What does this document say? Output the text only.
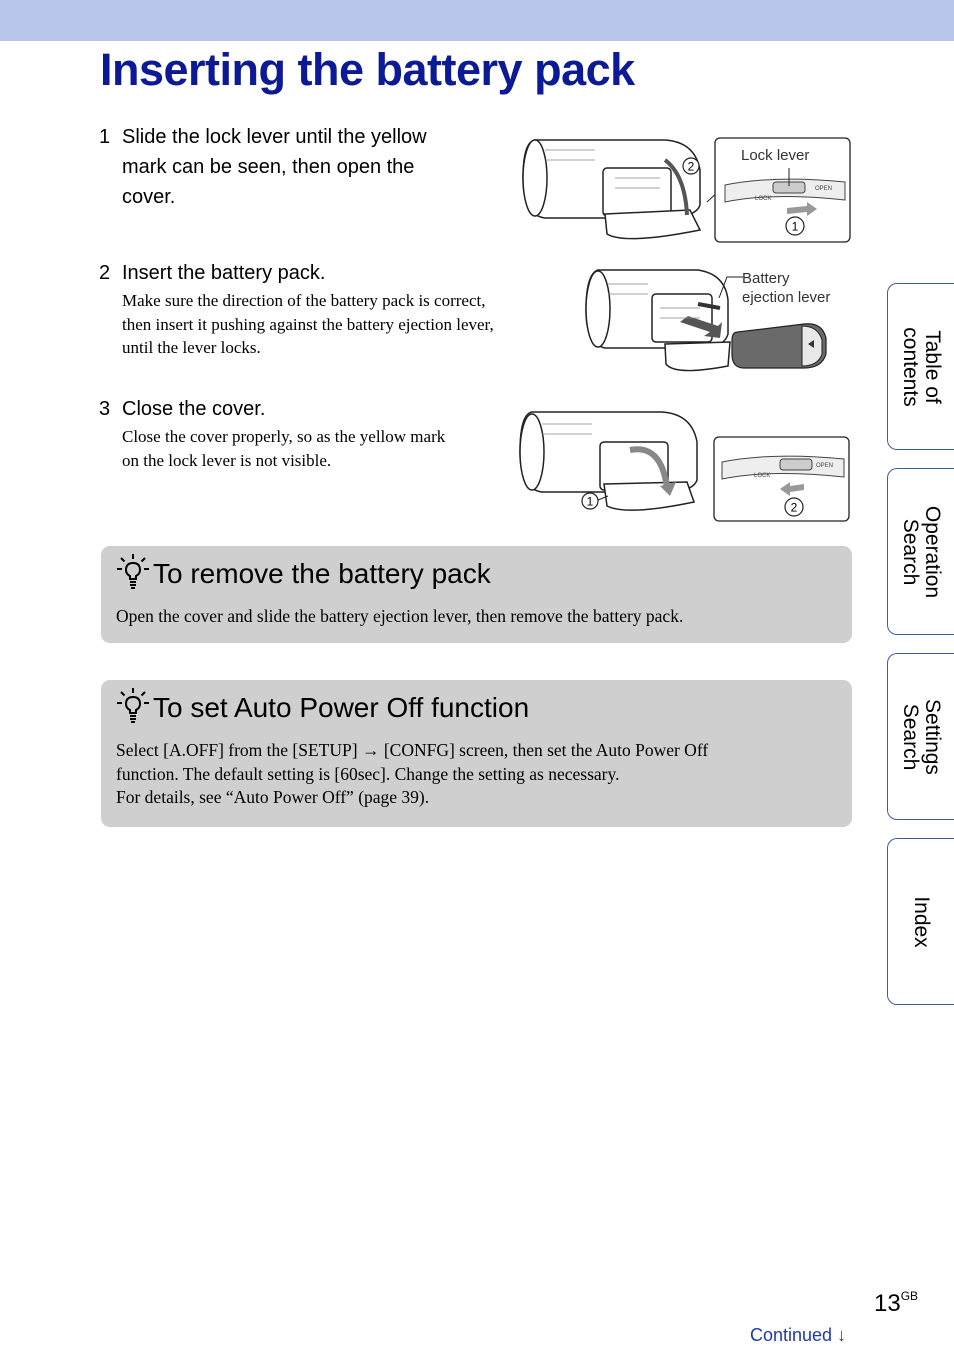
Inserting the battery pack
1 Slide the lock lever until the yellow
mark can be seen, then open the
cover.
2 Insert the battery pack.
Make sure the direction of the battery pack is correct,
then insert it pushing against the battery ejection lever,
until the lever locks.
3 Close the cover.
Close the cover properly, so as the yellow mark
on the lock lever is not visible.
2
OPEN
LOCK
1
Lock lever
Battery
ejection lever
1
OPEN
LOCK
2
To remove the battery pack
Open the cover and slide the battery ejection lever, then remove the battery pack.
To set Auto Power Off function
Select [A.OFF] from the [SETUP] → [CONFG] screen, then set the Auto Power Off
function. The default setting is [60sec]. Change the setting as necessary.
For details, see “Auto Power Off” (page 39).
Table of
contents
Operation
Search
Settings
Search
Index
$13^{GB}$
Continued ↓
